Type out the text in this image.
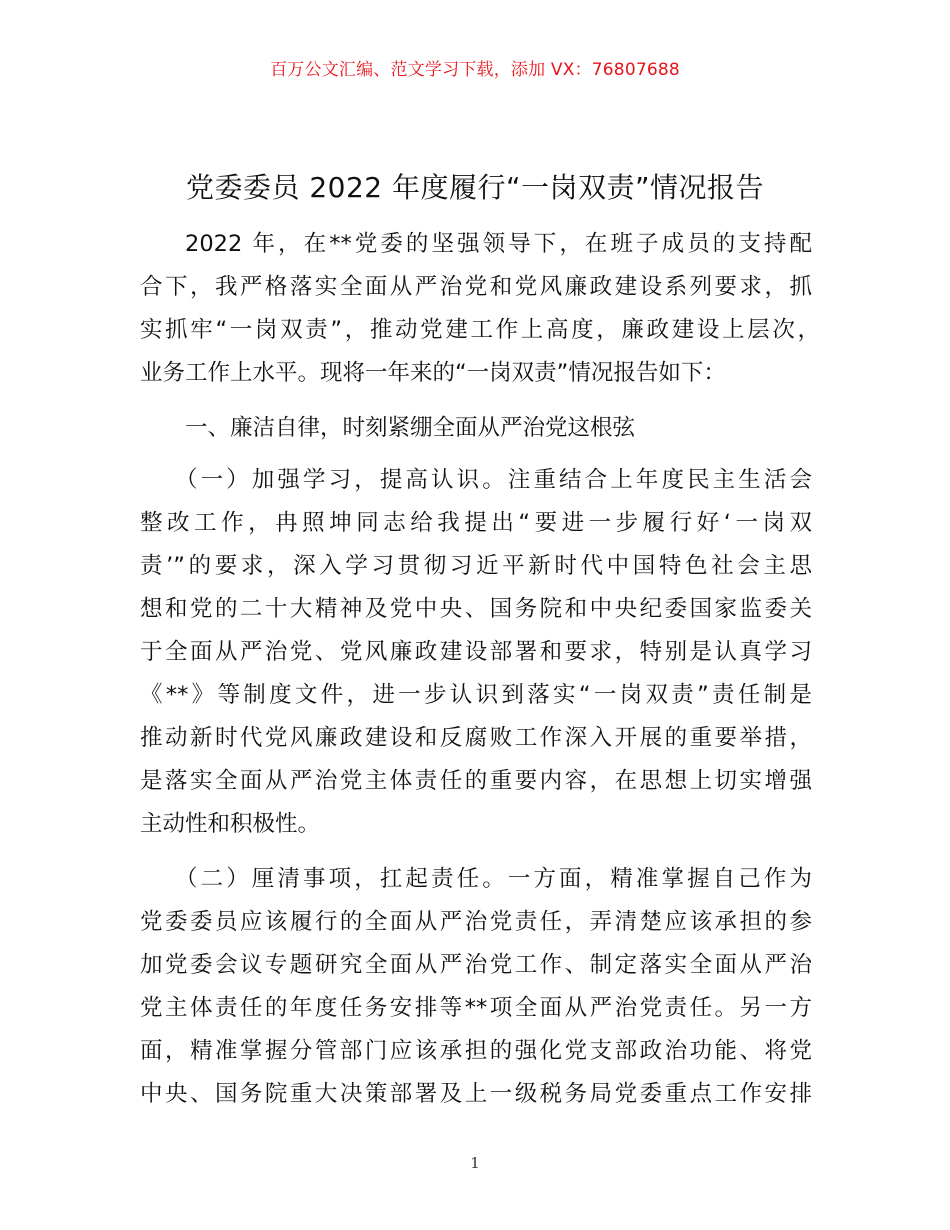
百万公文汇编、范文学习下载，添加 VX：76807688
党委委员 2022 年度履行“一岗双责”情况报告
2022 年，在**党委的坚强领导下，在班子成员的支持配
合下，我严格落实全面从严治党和党风廉政建设系列要求，抓
实抓牢“一岗双责”，推动党建工作上高度，廉政建设上层次，
业务工作上水平。现将一年来的“一岗双责”情况报告如下：
一、廉洁自律，时刻紧绷全面从严治党这根弦
（一）加强学习，提高认识。注重结合上年度民主生活会
整改工作，冉照坤同志给我提出“要进一步履行好‘一岗双
责’”的要求，深入学习贯彻习近平新时代中国特色社会主思
想和党的二十大精神及党中央、国务院和中央纪委国家监委关
于全面从严治党、党风廉政建设部署和要求，特别是认真学习
《**》等制度文件，进一步认识到落实“一岗双责”责任制是
推动新时代党风廉政建设和反腐败工作深入开展的重要举措，
是落实全面从严治党主体责任的重要内容，在思想上切实增强
主动性和积极性。
（二）厘清事项，扛起责任。一方面，精准掌握自己作为
党委委员应该履行的全面从严治党责任，弄清楚应该承担的参
加党委会议专题研究全面从严治党工作、制定落实全面从严治
党主体责任的年度任务安排等**项全面从严治党责任。另一方
面，精准掌握分管部门应该承担的强化党支部政治功能、将党
中央、国务院重大决策部署及上一级税务局党委重点工作安排
1
